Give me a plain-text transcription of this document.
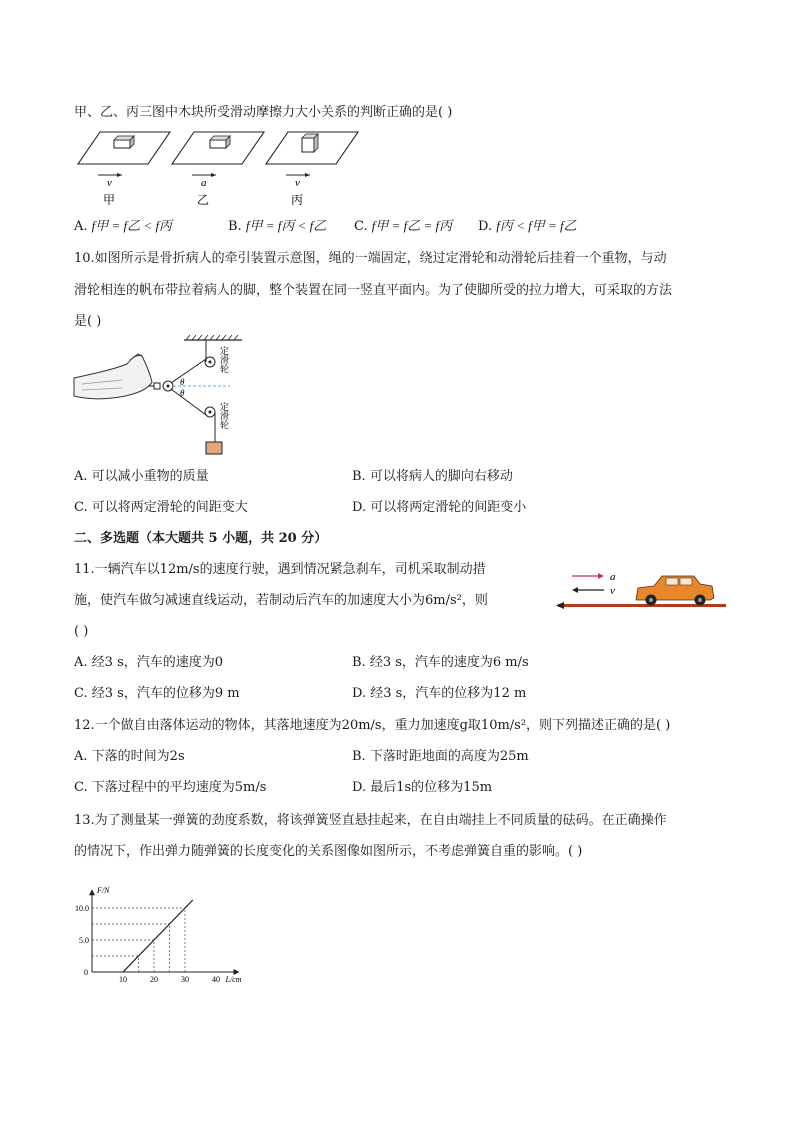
甲、乙、丙三图中木块所受滑动摩擦力大小关系的判断正确的是( )
v	a	v
甲	乙	丙
A. f甲 = f乙 < f丙	B. f甲 = f丙 < f乙 C. f甲 = f乙 = f丙 D. f丙 < f甲 = f乙
10.如图所示是骨折病人的牵引装置示意图，绳的一端固定，绕过定滑轮和动滑轮后挂着一个重物，与动
滑轮相连的帆布带拉着病人的脚，整个装置在同一竖直平面内。为了使脚所受的拉力增大，可采取的方法
是( )
θ
θ
定滑轮
定滑轮
A. 可以减小重物的质量	B. 可以将病人的脚向右移动
C. 可以将两定滑轮的间距变大	D. 可以将两定滑轮的间距变小
二、多选题（本大题共 5 小题，共 20 分）
11.一辆汽车以12m/s的速度行驶，遇到情况紧急刹车，司机采取制动措
施，使汽车做匀减速直线运动，若制动后汽车的加速度大小为6m/s²，则
( )
a
v
A. 经3 s，汽车的速度为0	B. 经3 s，汽车的速度为6 m/s
C. 经3 s，汽车的位移为9 m	D. 经3 s，汽车的位移为12 m
12.一个做自由落体运动的物体，其落地速度为20m/s，重力加速度g取10m/s²，则下列描述正确的是( )
A. 下落的时间为2s	B. 下落时距地面的高度为25m
C. 下落过程中的平均速度为5m/s	D. 最后1s的位移为15m
13.为了测量某一弹簧的劲度系数，将该弹簧竖直悬挂起来，在自由端挂上不同质量的砝码。在正确操作
的情况下，作出弹力随弹簧的长度变化的关系图像如图所示，不考虑弹簧自重的影响。( )
5.0
10.0
10	20	30	40
0
F/N
L/cm
